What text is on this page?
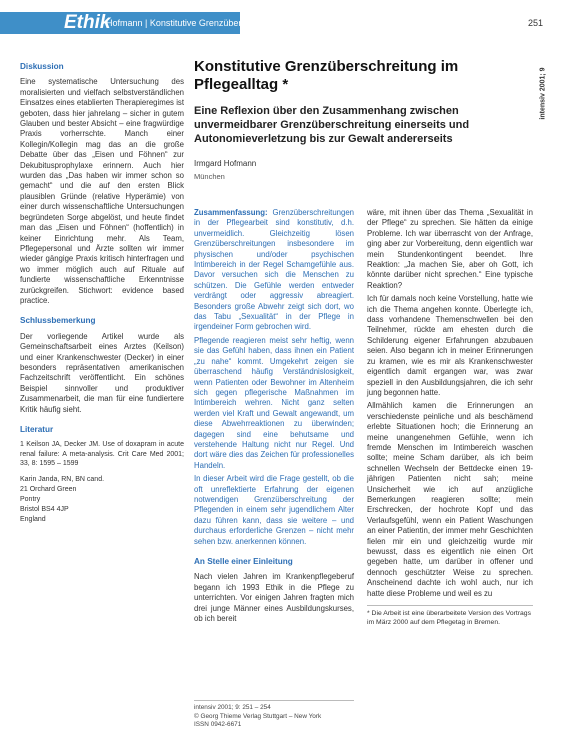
Ethik
Hofmann | Konstitutive Grenzüberschreitung im Pflegealltag	251
intensiv 2001; 9
Diskussion

Eine systematische Untersuchung des moralisierten und vielfach selbstverständlichen Einsatzes eines etablierten Therapieregimes ist geboten, dass hier jahrelang – sicher in gutem Glauben und bester Absicht – eine fragwürdige Praxis vorherrschte. Manch einer Kollegin/Kollegin mag das an die große Debatte über das „Eisen und Föhnen“ zur Dekubitusprophylaxe erinnern. Auch hier wurden das „Das haben wir immer schon so gemacht“ und die auf den ersten Blick plausiblen Gründe (relative Hyperämie) von einer durch wissenschaftliche Untersuchungen begründeten Sorge abgelöst, und heute findet man das „Eisen und Föhnen“ (hoffentlich) in keiner Einrichtung mehr. Als Team, Pflegepersonal und Ärzte sollten wir immer wieder gängige Praxis kritisch hinterfragen und wo immer möglich auch auf Rituale auf fundierte wissenschaftliche Erkenntnisse zurückgreifen. Stichwort: evidence based practice.

Schlussbemerkung

Der vorliegende Artikel wurde als Gemeinschaftsarbeit eines Arztes (Keilson) und einer Krankenschwester (Decker) in einer besonders repräsentativen amerikanischen Fachzeitschrift veröffentlicht. Ein schönes Beispiel sinnvoller und produktiver Zusammenarbeit, die man für eine fundiertere Kritik häufig sieht.

Literatur

1 Keilson JA, Decker JM. Use of doxapram in acute renal failure: A meta-analysis. Crit Care Med 2001; 33, 8: 1595 – 1599

Karin Janda, RN, BN cand.
21 Orchard Green
Pontry
Bristol BS4 4JP
England
Konstitutive Grenzüberschreitung im Pflegealltag *
Eine Reflexion über den Zusammenhang zwischen unvermeidbarer Grenzüberschreitung einerseits und Autonomieverletzung bis zur Gewalt andererseits
Irmgard Hofmann
München

Zusammenfassung: Grenzüberschreitungen in der Pflegearbeit sind konstitutiv, d.h. unvermeidlich. Gleichzeitig lösen Grenzüberschreitungen insbesondere im physischen und/oder psychischen Intimbereich in der Regel Schamgefühle aus. Davor versuchen sich die Menschen zu schützen. Die Gefühle werden entweder verdrängt oder aggressiv abreagiert. Besonders große Abwehr zeigt sich dort, wo das Tabu „Sexualität“ in der Pflege in irgendeiner Form gebrochen wird.

Pflegende reagieren meist sehr heftig, wenn sie das Gefühl haben, dass ihnen ein Patient „zu nahe“ kommt. Umgekehrt zeigen sie überraschend häufig Verständnislosigkeit, wenn Patienten oder Bewohner im Altenheim sich gegen pflegerische Maßnahmen im Intimbereich wehren. Nicht ganz selten werden viel Kraft und Gewalt angewandt, um diese Abwehrreaktionen zu überwinden; dagegen sind eine behutsame und verstehende Haltung nicht nur Regel. Und dort wäre dies das Zeichen für professionelles Handeln.

In dieser Arbeit wird die Frage gestellt, ob die oft unreflektierte Erfahrung der eigenen notwendigen Grenzüberschreitung der Pflegenden in einem sehr jugendlichem Alter dazu führen kann, dass sie weitere – und durchaus erforderliche Grenzen – nicht mehr sehen bzw. anerkennen können.

An Stelle einer Einleitung

Nach vielen Jahren im Krankenpflegeberuf begann ich 1993 Ethik in die Pflege zu unterrichten. Vor einigen Jahren fragten mich drei junge Männer eines Ausbildungskurses, ob ich bereit

intensiv 2001; 9: 251 – 254
© Georg Thieme Verlag Stuttgart – New York
ISSN 0942-6671

wäre, mit ihnen über das Thema „Sexualität in der Pflege“ zu sprechen. Sie hätten da einige Probleme. Ich war überrascht von der Anfrage, ging aber zur Vorbereitung, denn eigentlich war mein Stundenkontingent beendet. Ihre Reaktion: „Ja machen Sie, aber oh Gott, ich könnte darüber nicht sprechen.“ Eine typische Reaktion?

Ich für damals noch keine Vorstellung, hatte wie ich die Thema angehen konnte. Überlegte ich, dass vorhandene Themenschwellen bei den Teilnehmer, rückte am ehesten durch die Schilderung eigener Erfahrungen abzubauen seien. Also begann ich in meiner Erinnerungen zu kramen, wie es mir als Krankenschwester eigentlich damit ergangen war, was zwar speziell in den Ausbildungsjahren, die ich sehr jung begonnen hatte.

Allmählich kamen die Erinnerungen an verschiedenste peinliche und als beschämend erlebte Situationen hoch; die Erinnerung an meine unangenehmen Gefühle, wenn ich fremde Menschen im Intimbereich waschen sollte; meine Scham darüber, als ich beim schnellen Wechseln der Bettdecke einen 19-jährigen Patienten nicht sah; meine Unsicherheit wie ich auf anzügliche Bemerkungen reagieren sollte; mein Erschrecken, der hochrote Kopf und das Verlaufsgefühl, wenn ein Patient Waschungen an einer Patientin, der immer mehr Geschichten fielen mir ein und gleichzeitig wurde mir bewusst, dass es eigentlich nie einen Ort gegeben hatte, um darüber in offener und dennoch geschützter Weise zu sprechen. Anscheinend dachte ich wohl auch, nur ich hatte diese Probleme und weil es zu

* Die Arbeit ist eine überarbeitete Version des Vortrags im März 2000 auf dem Pflegetag in Bremen.
